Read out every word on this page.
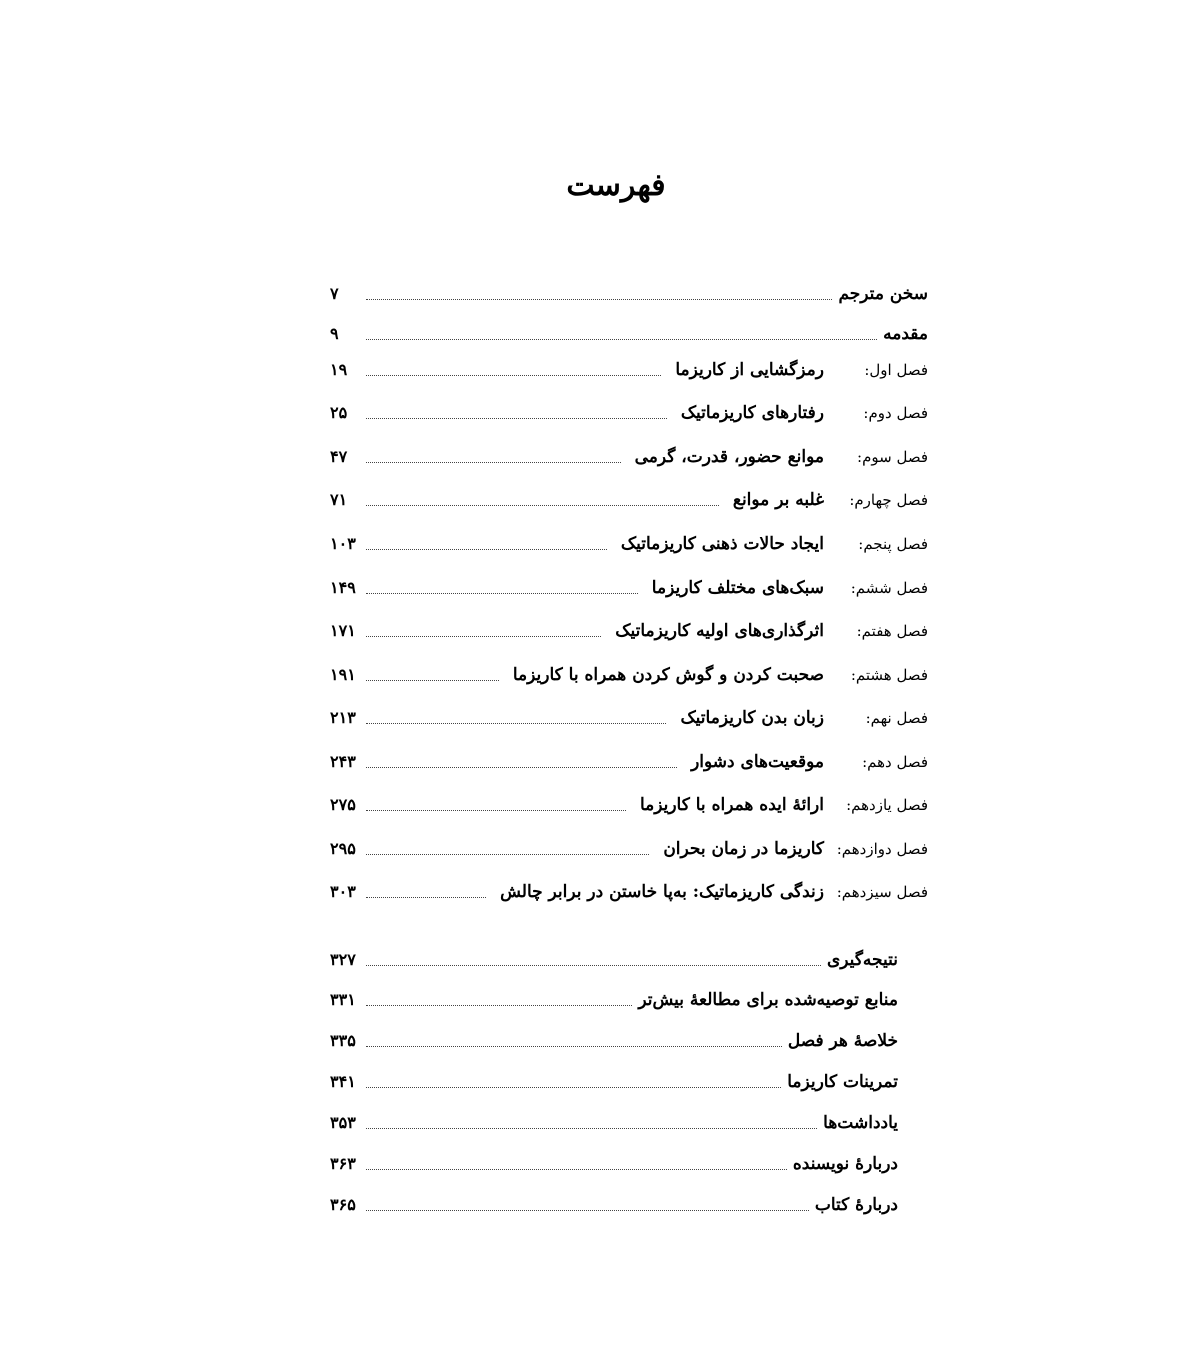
فهرست
سخن مترجم
۷
مقدمه
۹
فصل اول:
رمزگشایی از کاریزما
۱۹
فصل دوم:
رفتارهای کاریزماتیک
۲۵
فصل سوم:
موانع حضور، قدرت، گرمی
۴۷
فصل چهارم:
غلبه بر موانع
۷۱
فصل پنجم:
ایجاد حالات ذهنی کاریزماتیک
۱۰۳
فصل ششم:
سبک‌های مختلف کاریزما
۱۴۹
فصل هفتم:
اثرگذاری‌های اولیه کاریزماتیک
۱۷۱
فصل هشتم:
صحبت کردن و گوش کردن همراه با کاریزما
۱۹۱
فصل نهم:
زبان بدن کاریزماتیک
۲۱۳
فصل دهم:
موقعیت‌های دشوار
۲۴۳
فصل یازدهم:
ارائهٔ ایده همراه با کاریزما
۲۷۵
فصل دوازدهم:
کاریزما در زمان بحران
۲۹۵
فصل سیزدهم:
زندگی کاریزماتیک: به‌پا خاستن در برابر چالش
۳۰۳
نتیجه‌گیری
۳۲۷
منابع توصیه‌شده برای مطالعهٔ بیش‌تر
۳۳۱
خلاصهٔ هر فصل
۳۳۵
تمرینات کاریزما
۳۴۱
یادداشت‌ها
۳۵۳
دربارهٔ نویسنده
۳۶۳
دربارهٔ کتاب
۳۶۵
